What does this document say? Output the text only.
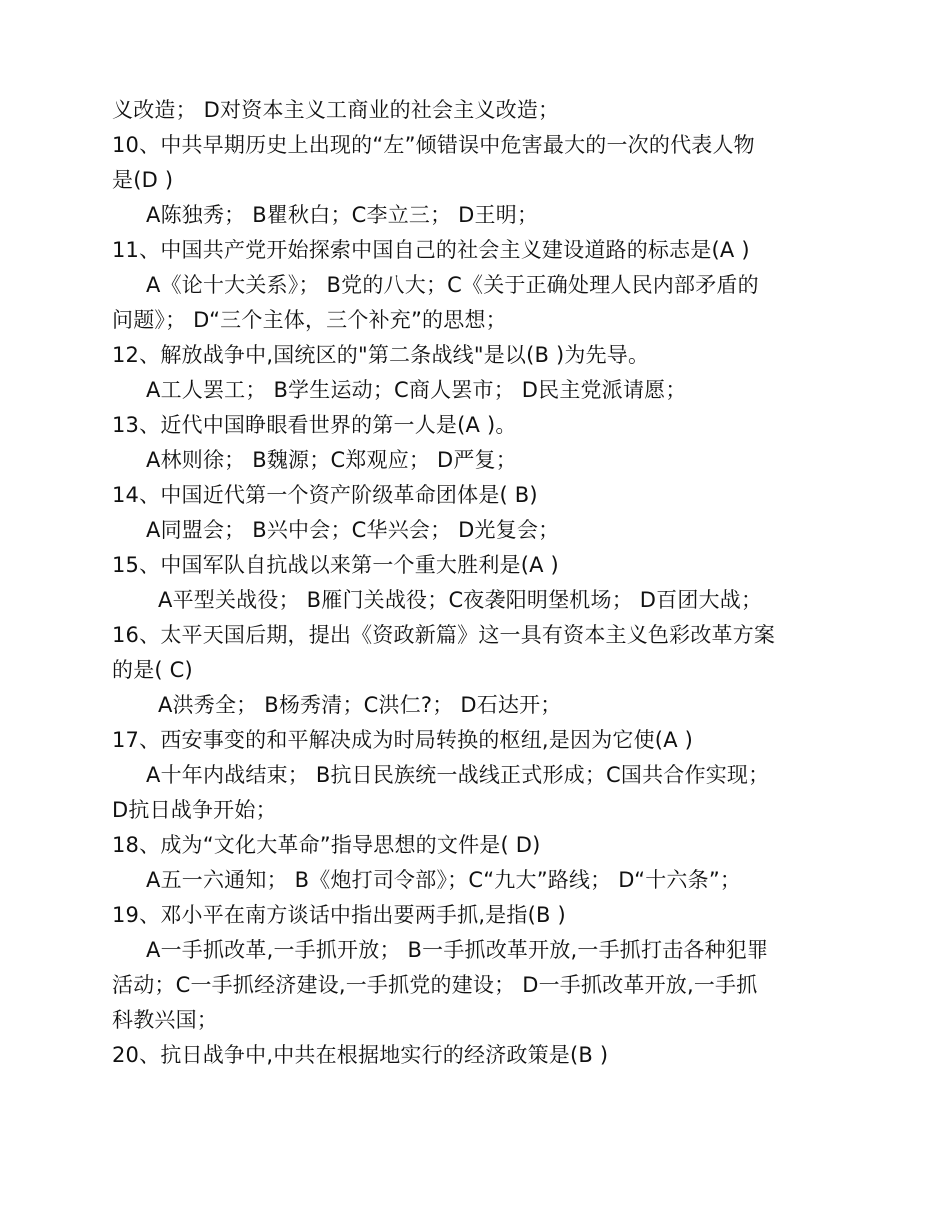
义改造； D对资本主义工商业的社会主义改造；
10、中共早期历史上出现的“左”倾错误中危害最大的一次的代表人物
是(D )
A陈独秀； B瞿秋白；C李立三； D王明；
11、中国共产党开始探索中国自己的社会主义建设道路的标志是(A )
A《论十大关系》； B党的八大；C《关于正确处理人民内部矛盾的
问题》； D“三个主体，三个补充”的思想；
12、解放战争中,国统区的"第二条战线"是以(B )为先导。
A工人罢工； B学生运动；C商人罢市； D民主党派请愿；
13、近代中国睁眼看世界的第一人是(A )。
A林则徐； B魏源；C郑观应； D严复；
14、中国近代第一个资产阶级革命团体是( B)
A同盟会； B兴中会；C华兴会； D光复会；
15、中国军队自抗战以来第一个重大胜利是(A )
A平型关战役； B雁门关战役；C夜袭阳明堡机场； D百团大战；
16、太平天国后期，提出《资政新篇》这一具有资本主义色彩改革方案
的是( C)
A洪秀全； B杨秀清；C洪仁?； D石达开；
17、西安事变的和平解决成为时局转换的枢纽,是因为它使(A )
A十年内战结束； B抗日民族统一战线正式形成；C国共合作实现；
D抗日战争开始；
18、成为“文化大革命”指导思想的文件是( D)
A五一六通知； B《炮打司令部》；C“九大”路线； D“十六条”；
19、邓小平在南方谈话中指出要两手抓,是指(B )
A一手抓改革,一手抓开放； B一手抓改革开放,一手抓打击各种犯罪
活动；C一手抓经济建设,一手抓党的建设； D一手抓改革开放,一手抓
科教兴国；
20、抗日战争中,中共在根据地实行的经济政策是(B )
